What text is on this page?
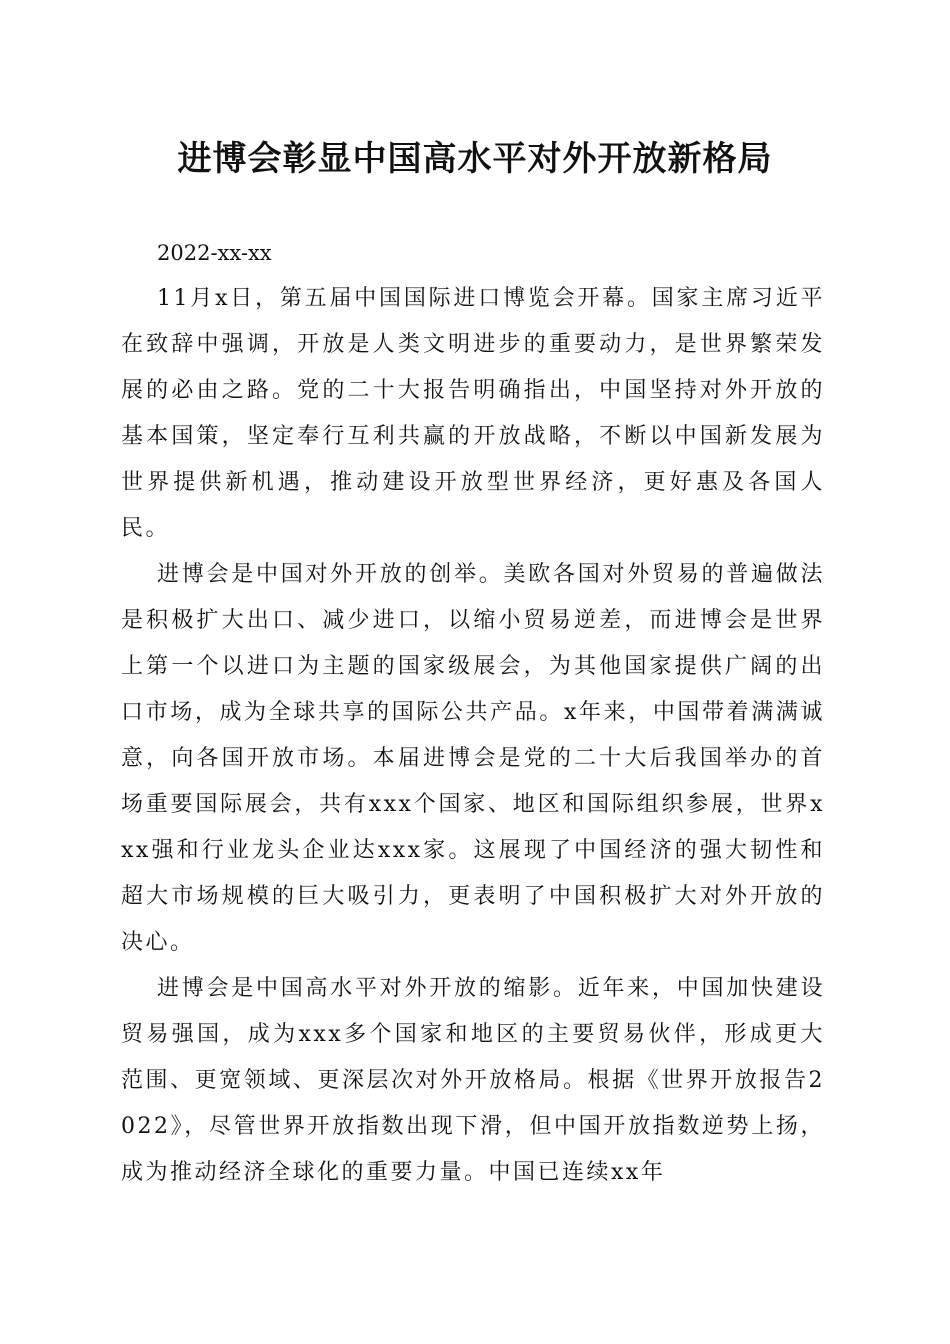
进博会彰显中国高水平对外开放新格局

2022-xx-xx

11月x日，第五届中国国际进口博览会开幕。国家主席习近平在致辞中强调，开放是人类文明进步的重要动力，是世界繁荣发展的必由之路。党的二十大报告明确指出，中国坚持对外开放的基本国策，坚定奉行互利共赢的开放战略，不断以中国新发展为世界提供新机遇，推动建设开放型世界经济，更好惠及各国人民。

进博会是中国对外开放的创举。美欧各国对外贸易的普遍做法是积极扩大出口、减少进口，以缩小贸易逆差，而进博会是世界上第一个以进口为主题的国家级展会，为其他国家提供广阔的出口市场，成为全球共享的国际公共产品。x年来，中国带着满满诚意，向各国开放市场。本届进博会是党的二十大后我国举办的首场重要国际展会，共有xxx个国家、地区和国际组织参展，世界xxx强和行业龙头企业达xxx家。这展现了中国经济的强大韧性和超大市场规模的巨大吸引力，更表明了中国积极扩大对外开放的决心。

进博会是中国高水平对外开放的缩影。近年来，中国加快建设贸易强国，成为xxx多个国家和地区的主要贸易伙伴，形成更大范围、更宽领域、更深层次对外开放格局。根据《世界开放报告2022》，尽管世界开放指数出现下滑，但中国开放指数逆势上扬，成为推动经济全球化的重要力量。中国已连续xx年
